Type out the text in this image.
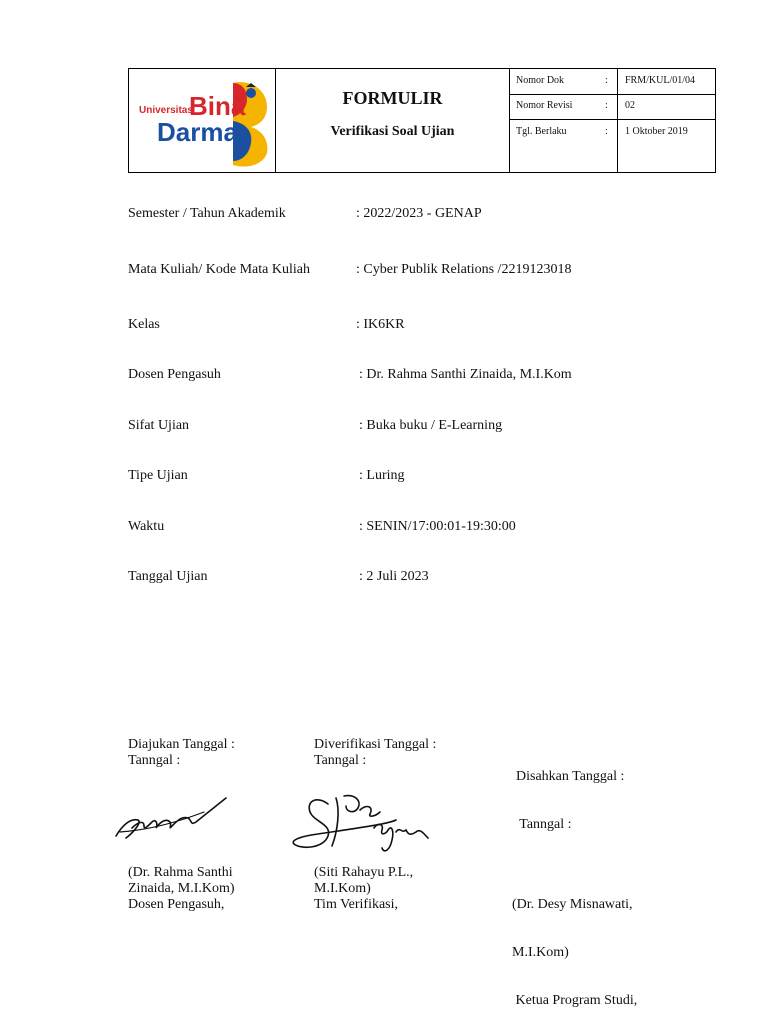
Universitas
Bina
Darma
FORMULIR
Verifikasi Soal Ujian
Nomor Dok	: FRM/KUL/01/04
Nomor Revisi	: 02
Tgl. Berlaku	: 1 Oktober 2019
Semester / Tahun Akademik	: 2022/2023 - GENAP
Mata Kuliah/ Kode Mata Kuliah	: Cyber Publik Relations /2219123018
Kelas	: IK6KR
Dosen Pengasuh	: Dr. Rahma Santhi Zinaida, M.I.Kom
Sifat Ujian	: Buka buku / E-Learning
Tipe Ujian	: Luring
Waktu	: SENIN/17:00:01-19:30:00
Tanggal Ujian	: 2 Juli 2023
Diajukan Tanggal :
Tanngal :
Diverifikasi Tanggal :
Tanngal :

Disahkan Tanggal :

Tanngal :

(Dr. Rahma Santhi
Zinaida, M.I.Kom)
Dosen Pengasuh,
(Siti Rahayu P.L.,
M.I.Kom)
Tim Verifikasi,

	(Dr. Desy Misnawati,

M.I.Kom)

Ketua Program Studi,
